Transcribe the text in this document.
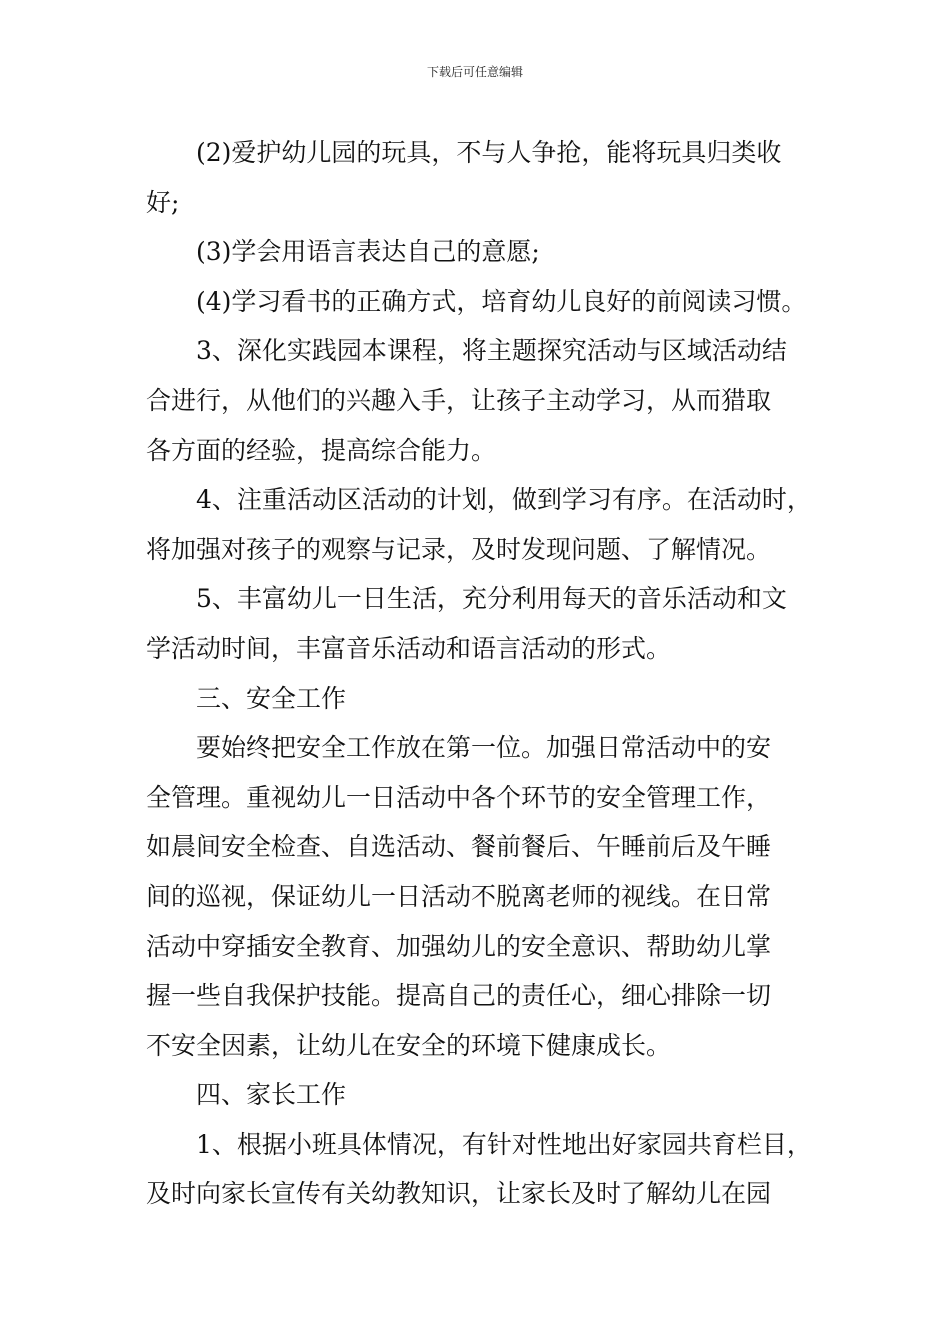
下载后可任意编辑
(2)爱护幼儿园的玩具，不与人争抢，能将玩具归类收
好;
(3)学会用语言表达自己的意愿;
(4)学习看书的正确方式，培育幼儿良好的前阅读习惯。
3、深化实践园本课程，将主题探究活动与区域活动结
合进行，从他们的兴趣入手，让孩子主动学习，从而猎取
各方面的经验，提高综合能力。
4、注重活动区活动的计划，做到学习有序。在活动时，
将加强对孩子的观察与记录，及时发现问题、了解情况。
5、丰富幼儿一日生活，充分利用每天的音乐活动和文
学活动时间，丰富音乐活动和语言活动的形式。
三、安全工作
要始终把安全工作放在第一位。加强日常活动中的安
全管理。重视幼儿一日活动中各个环节的安全管理工作，
如晨间安全检查、自选活动、餐前餐后、午睡前后及午睡
间的巡视，保证幼儿一日活动不脱离老师的视线。在日常
活动中穿插安全教育、加强幼儿的安全意识、帮助幼儿掌
握一些自我保护技能。提高自己的责任心，细心排除一切
不安全因素，让幼儿在安全的环境下健康成长。
四、家长工作
1、根据小班具体情况，有针对性地出好家园共育栏目，
及时向家长宣传有关幼教知识，让家长及时了解幼儿在园
